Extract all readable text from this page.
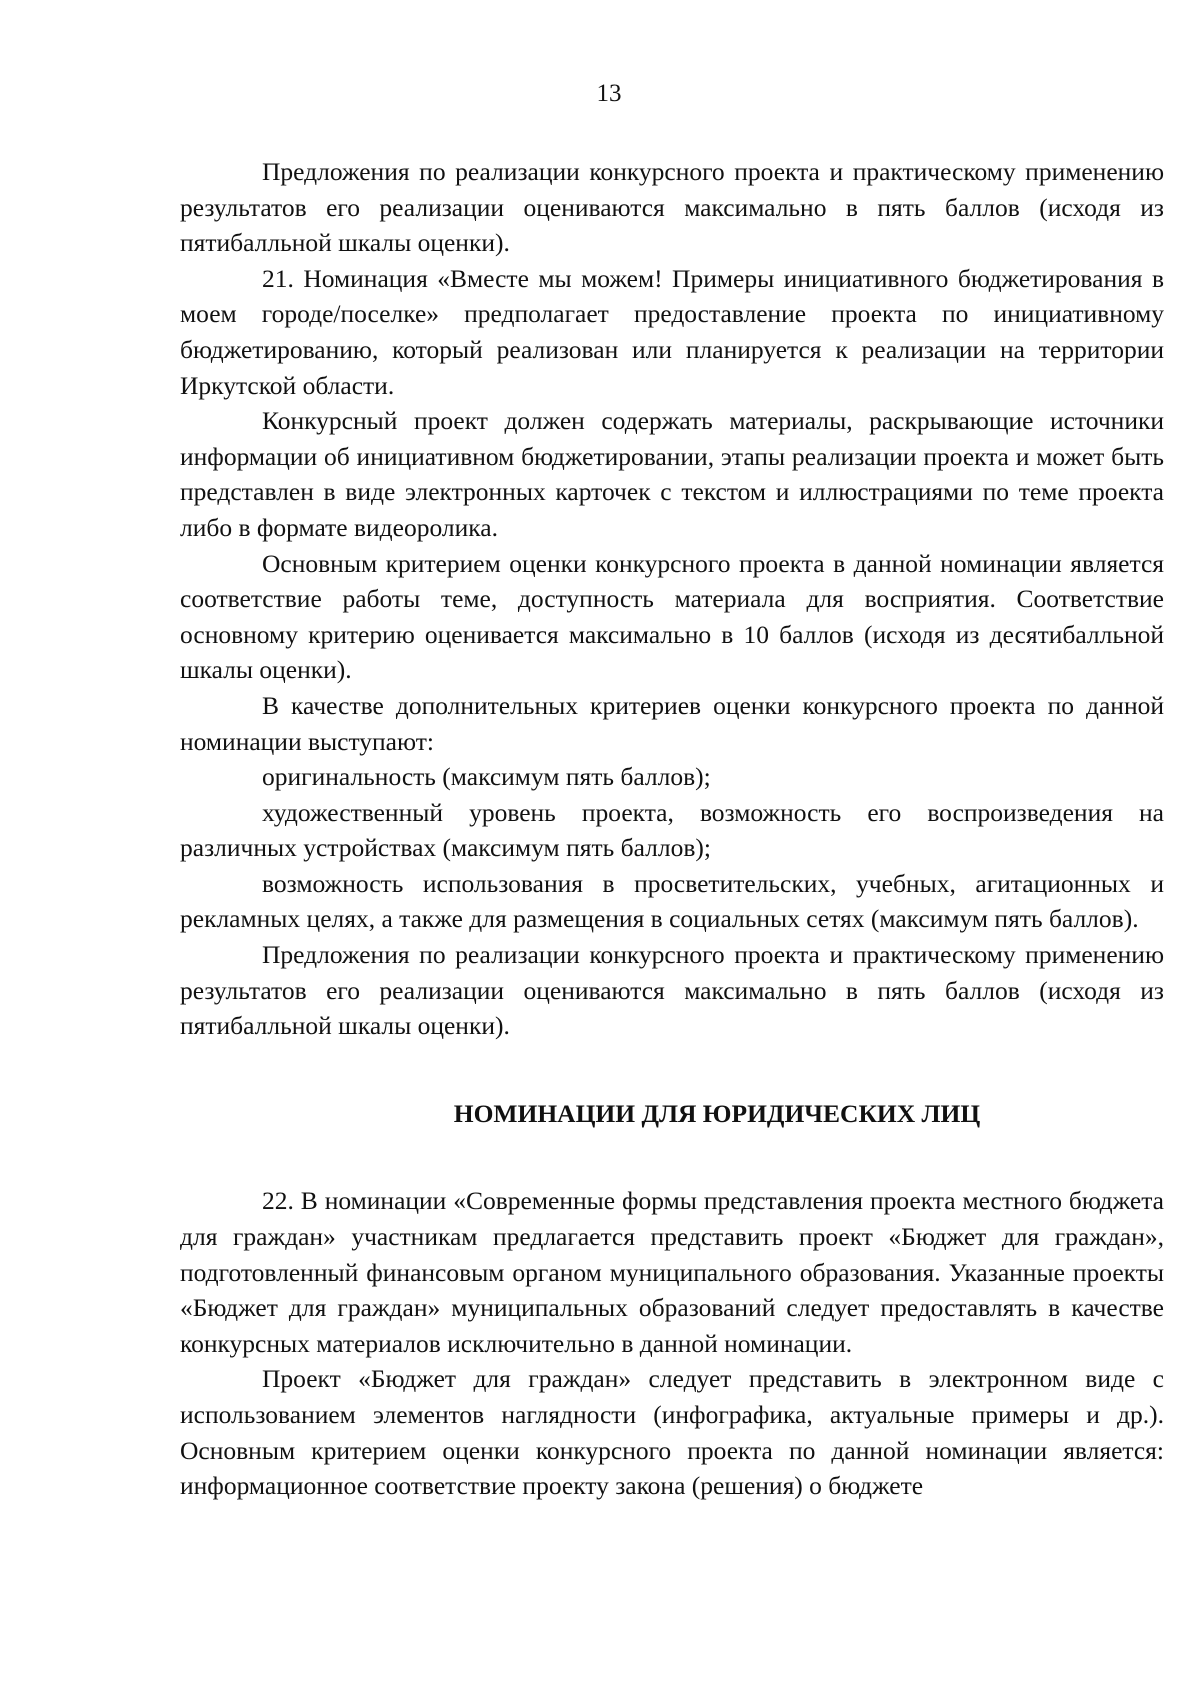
13

Предложения по реализации конкурсного проекта и практическому применению результатов его реализации оцениваются максимально в пять баллов (исходя из пятибалльной шкалы оценки).

21. Номинация «Вместе мы можем! Примеры инициативного бюджетирования в моем городе/поселке» предполагает предоставление проекта по инициативному бюджетированию, который реализован или планируется к реализации на территории Иркутской области.

Конкурсный проект должен содержать материалы, раскрывающие источники информации об инициативном бюджетировании, этапы реализации проекта и может быть представлен в виде электронных карточек с текстом и иллюстрациями по теме проекта либо в формате видеоролика.

Основным критерием оценки конкурсного проекта в данной номинации является соответствие работы теме, доступность материала для восприятия. Соответствие основному критерию оценивается максимально в 10 баллов (исходя из десятибалльной шкалы оценки).

В качестве дополнительных критериев оценки конкурсного проекта по данной номинации выступают:

оригинальность (максимум пять баллов);

художественный уровень проекта, возможность его воспроизведения на различных устройствах (максимум пять баллов);

возможность использования в просветительских, учебных, агитационных и рекламных целях, а также для размещения в социальных сетях (максимум пять баллов).

Предложения по реализации конкурсного проекта и практическому применению результатов его реализации оцениваются максимально в пять баллов (исходя из пятибалльной шкалы оценки).

НОМИНАЦИИ ДЛЯ ЮРИДИЧЕСКИХ ЛИЦ

22. В номинации «Современные формы представления проекта местного бюджета для граждан» участникам предлагается представить проект «Бюджет для граждан», подготовленный финансовым органом муниципального образования. Указанные проекты «Бюджет для граждан» муниципальных образований следует предоставлять в качестве конкурсных материалов исключительно в данной номинации.

Проект «Бюджет для граждан» следует представить в электронном виде с использованием элементов наглядности (инфографика, актуальные примеры и др.). Основным критерием оценки конкурсного проекта по данной номинации является: информационное соответствие проекту закона (решения) о бюджете
